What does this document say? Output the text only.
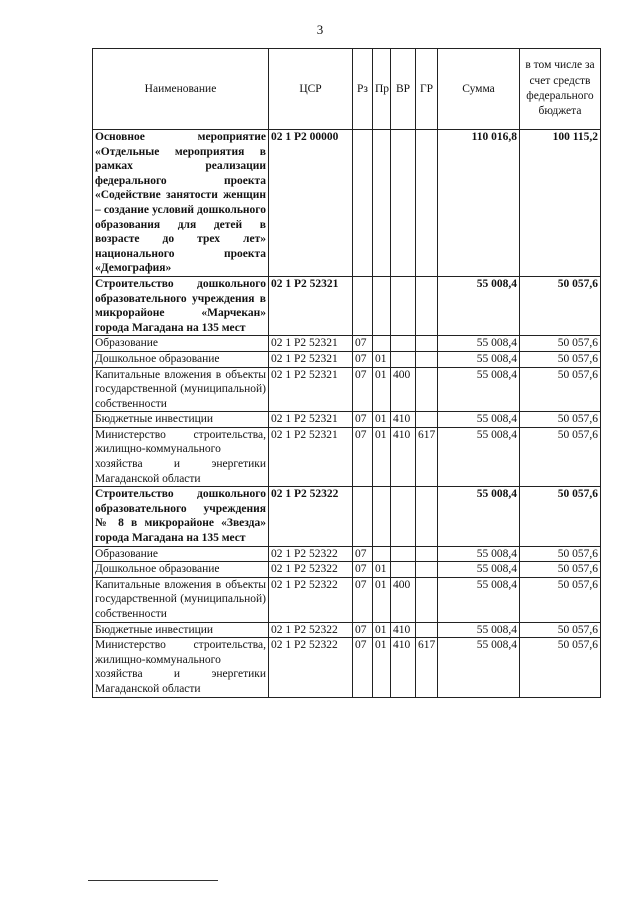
3
Наименование	ЦСР	Рз	Пр	ВР	ГР	Сумма	в том числе за счет средств федерального бюджета
Основное мероприятие «Отдельные мероприятия в рамках реализации федерального проекта «Содействие занятости женщин – создание условий дошкольного образования для детей в возрасте до трех лет» национального проекта «Демография»	02 1 P2 00000					110 016,8	100 115,2
Строительство дошкольного образовательного учреждения в микрорайоне «Марчекан» города Магадана на 135 мест	02 1 P2 52321					55 008,4	50 057,6
Образование	02 1 P2 52321	07				55 008,4	50 057,6
Дошкольное образование	02 1 P2 52321	07	01			55 008,4	50 057,6
Капитальные вложения в объекты государственной (муниципальной) собственности	02 1 P2 52321	07	01	400		55 008,4	50 057,6
Бюджетные инвестиции	02 1 P2 52321	07	01	410		55 008,4	50 057,6
Министерство строительства, жилищно-коммунального хозяйства и энергетики Магаданской области	02 1 P2 52321	07	01	410	617	55 008,4	50 057,6
Строительство дошкольного образовательного учреждения № 8 в микрорайоне «Звезда» города Магадана на 135 мест	02 1 P2 52322					55 008,4	50 057,6
Образование	02 1 P2 52322	07				55 008,4	50 057,6
Дошкольное образование	02 1 P2 52322	07	01			55 008,4	50 057,6
Капитальные вложения в объекты государственной (муниципальной) собственности	02 1 P2 52322	07	01	400		55 008,4	50 057,6
Бюджетные инвестиции	02 1 P2 52322	07	01	410		55 008,4	50 057,6
Министерство строительства, жилищно-коммунального хозяйства и энергетики Магаданской области	02 1 P2 52322	07	01	410	617	55 008,4	50 057,6
